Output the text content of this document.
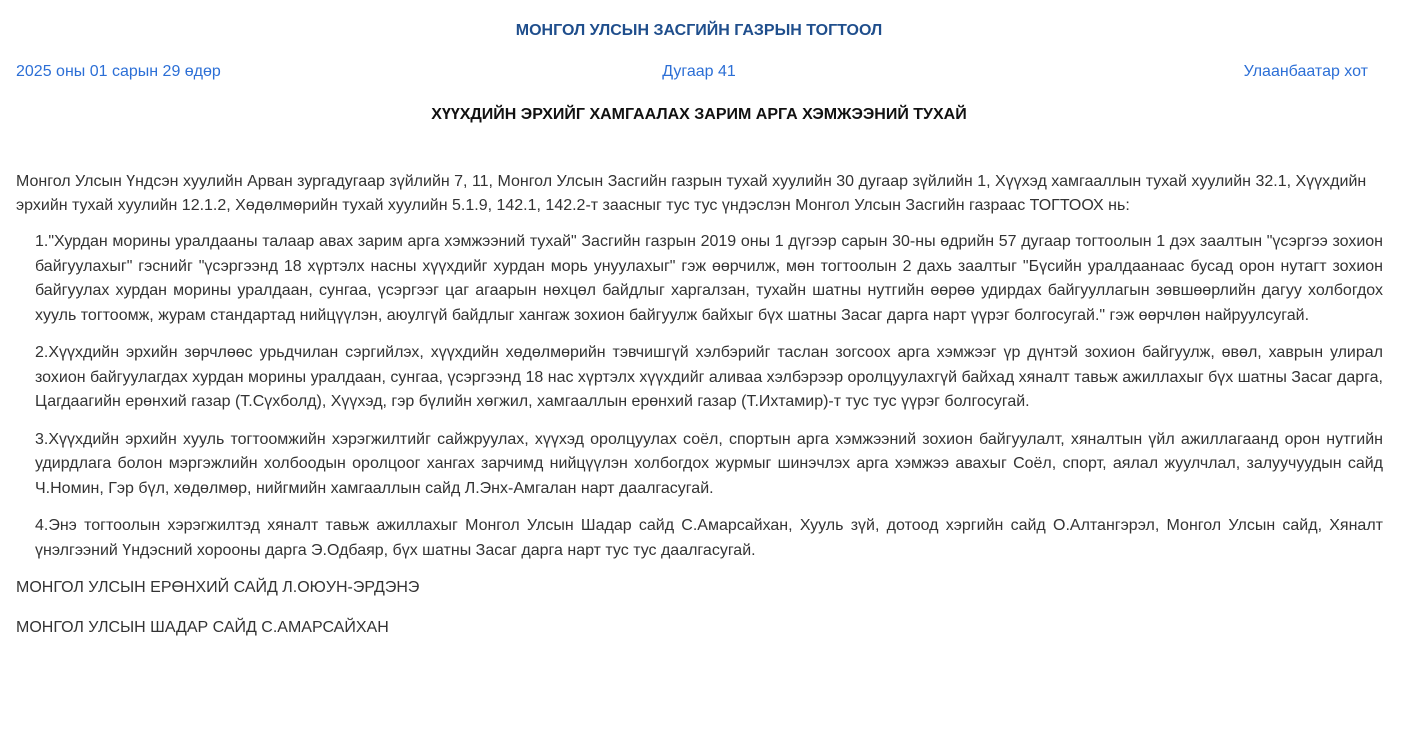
МОНГОЛ УЛСЫН ЗАСГИЙН ГАЗРЫН ТОГТООЛ
2025 оны 01 сарын 29 өдөр	Дугаар 41	Улаанбаатар хот
ХҮҮХДИЙН ЭРХИЙГ ХАМГААЛАХ ЗАРИМ АРГА ХЭМЖЭЭНИЙ ТУХАЙ
Монгол Улсын Үндсэн хуулийн Арван зургадугаар зүйлийн 7, 11, Монгол Улсын Засгийн газрын тухай хуулийн 30 дугаар зүйлийн 1, Хүүхэд хамгааллын тухай хуулийн 32.1, Хүүхдийн эрхийн тухай хуулийн 12.1.2, Хөдөлмөрийн тухай хуулийн 5.1.9, 142.1, 142.2-т заасныг тус тус үндэслэн Монгол Улсын Засгийн газраас ТОГТООХ нь:
1."Хурдан морины уралдааны талаар авах зарим арга хэмжээний тухай" Засгийн газрын 2019 оны 1 дүгээр сарын 30-ны өдрийн 57 дугаар тогтоолын 1 дэх заалтын "үсэргээ зохион байгуулахыг" гэснийг "үсэргээнд 18 хүртэлх насны хүүхдийг хурдан морь унуулахыг" гэж өөрчилж, мөн тогтоолын 2 дахь заалтыг "Бүсийн уралдаанаас бусад орон нутагт зохион байгуулах хурдан морины уралдаан, сунгаа, үсэргээг цаг агаарын нөхцөл байдлыг харгалзан, тухайн шатны нутгийн өөрөө удирдах байгууллагын зөвшөөрлийн дагуу холбогдох хууль тогтоомж, журам стандартад нийцүүлэн, аюулгүй байдлыг хангаж зохион байгуулж байхыг бүх шатны Засаг дарга нарт үүрэг болгосугай." гэж өөрчлөн найруулсугай.
2.Хүүхдийн эрхийн зөрчлөөс урьдчилан сэргийлэх, хүүхдийн хөдөлмөрийн тэвчишгүй хэлбэрийг таслан зогсоох арга хэмжээг үр дүнтэй зохион байгуулж, өвөл, хаврын улирал зохион байгуулагдах хурдан морины уралдаан, сунгаа, үсэргээнд 18 нас хүртэлх хүүхдийг аливаа хэлбэрээр оролцуулахгүй байхад хяналт тавьж ажиллахыг бүх шатны Засаг дарга, Цагдаагийн ерөнхий газар (Т.Сүхболд), Хүүхэд, гэр бүлийн хөгжил, хамгааллын ерөнхий газар (Т.Ихтамир)-т тус тус үүрэг болгосугай.
3.Хүүхдийн эрхийн хууль тогтоомжийн хэрэгжилтийг сайжруулах, хүүхэд оролцуулах соёл, спортын арга хэмжээний зохион байгуулалт, хяналтын үйл ажиллагаанд орон нутгийн удирдлага болон мэргэжлийн холбоодын оролцоог хангах зарчимд нийцүүлэн холбогдох журмыг шинэчлэх арга хэмжээ авахыг Соёл, спорт, аялал жуулчлал, залуучуудын сайд Ч.Номин, Гэр бүл, хөдөлмөр, нийгмийн хамгааллын сайд Л.Энх-Амгалан нарт даалгасугай.
4.Энэ тогтоолын хэрэгжилтэд хяналт тавьж ажиллахыг Монгол Улсын Шадар сайд С.Амарсайхан, Хууль зүй, дотоод хэргийн сайд О.Алтангэрэл, Монгол Улсын сайд, Хяналт үнэлгээний Үндэсний хорооны дарга Э.Одбаяр, бүх шатны Засаг дарга нарт тус тус даалгасугай.
МОНГОЛ УЛСЫН ЕРӨНХИЙ САЙД Л.ОЮУН-ЭРДЭНЭ
МОНГОЛ УЛСЫН ШАДАР САЙД С.АМАРСАЙХАН
